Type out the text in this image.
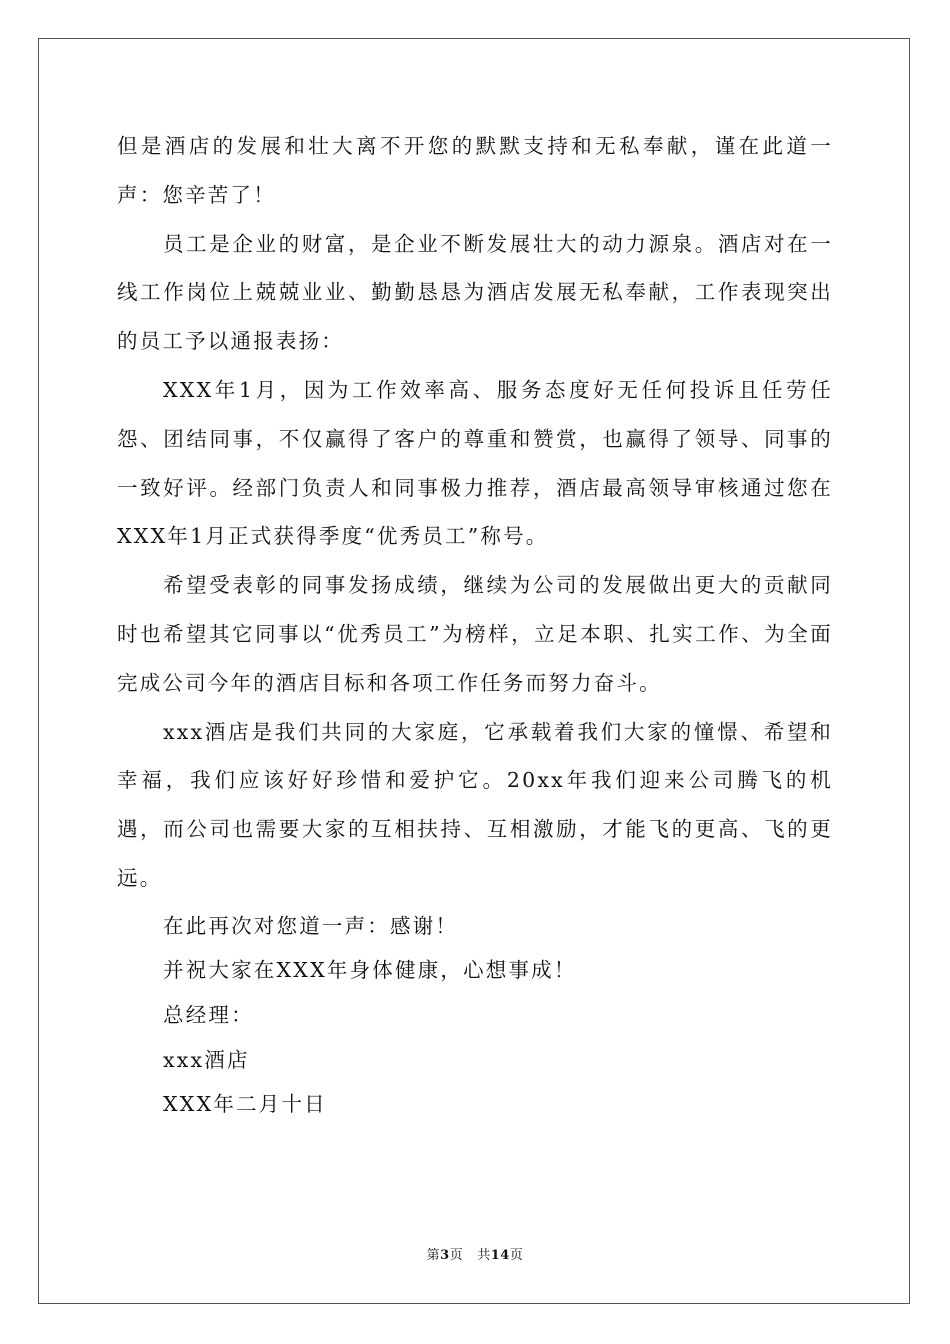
但是酒店的发展和壮大离不开您的默默支持和无私奉献，谨在此道一声：您辛苦了！

员工是企业的财富，是企业不断发展壮大的动力源泉。酒店对在一线工作岗位上兢兢业业、勤勤恳恳为酒店发展无私奉献，工作表现突出的员工予以通报表扬：

XXX年1月，因为工作效率高、服务态度好无任何投诉且任劳任怨、团结同事，不仅赢得了客户的尊重和赞赏，也赢得了领导、同事的一致好评。经部门负责人和同事极力推荐，酒店最高领导审核通过您在XXX年1月正式获得季度“优秀员工”称号。

希望受表彰的同事发扬成绩，继续为公司的发展做出更大的贡献同时也希望其它同事以“优秀员工”为榜样，立足本职、扎实工作、为全面完成公司今年的酒店目标和各项工作任务而努力奋斗。

xxx酒店是我们共同的大家庭，它承载着我们大家的憧憬、希望和幸福，我们应该好好珍惜和爱护它。20xx年我们迎来公司腾飞的机遇，而公司也需要大家的互相扶持、互相激励，才能飞的更高、飞的更远。

在此再次对您道一声：感谢！

并祝大家在XXX年身体健康，心想事成！

总经理：

xxx酒店

XXX年二月十日

第3页 共14页
